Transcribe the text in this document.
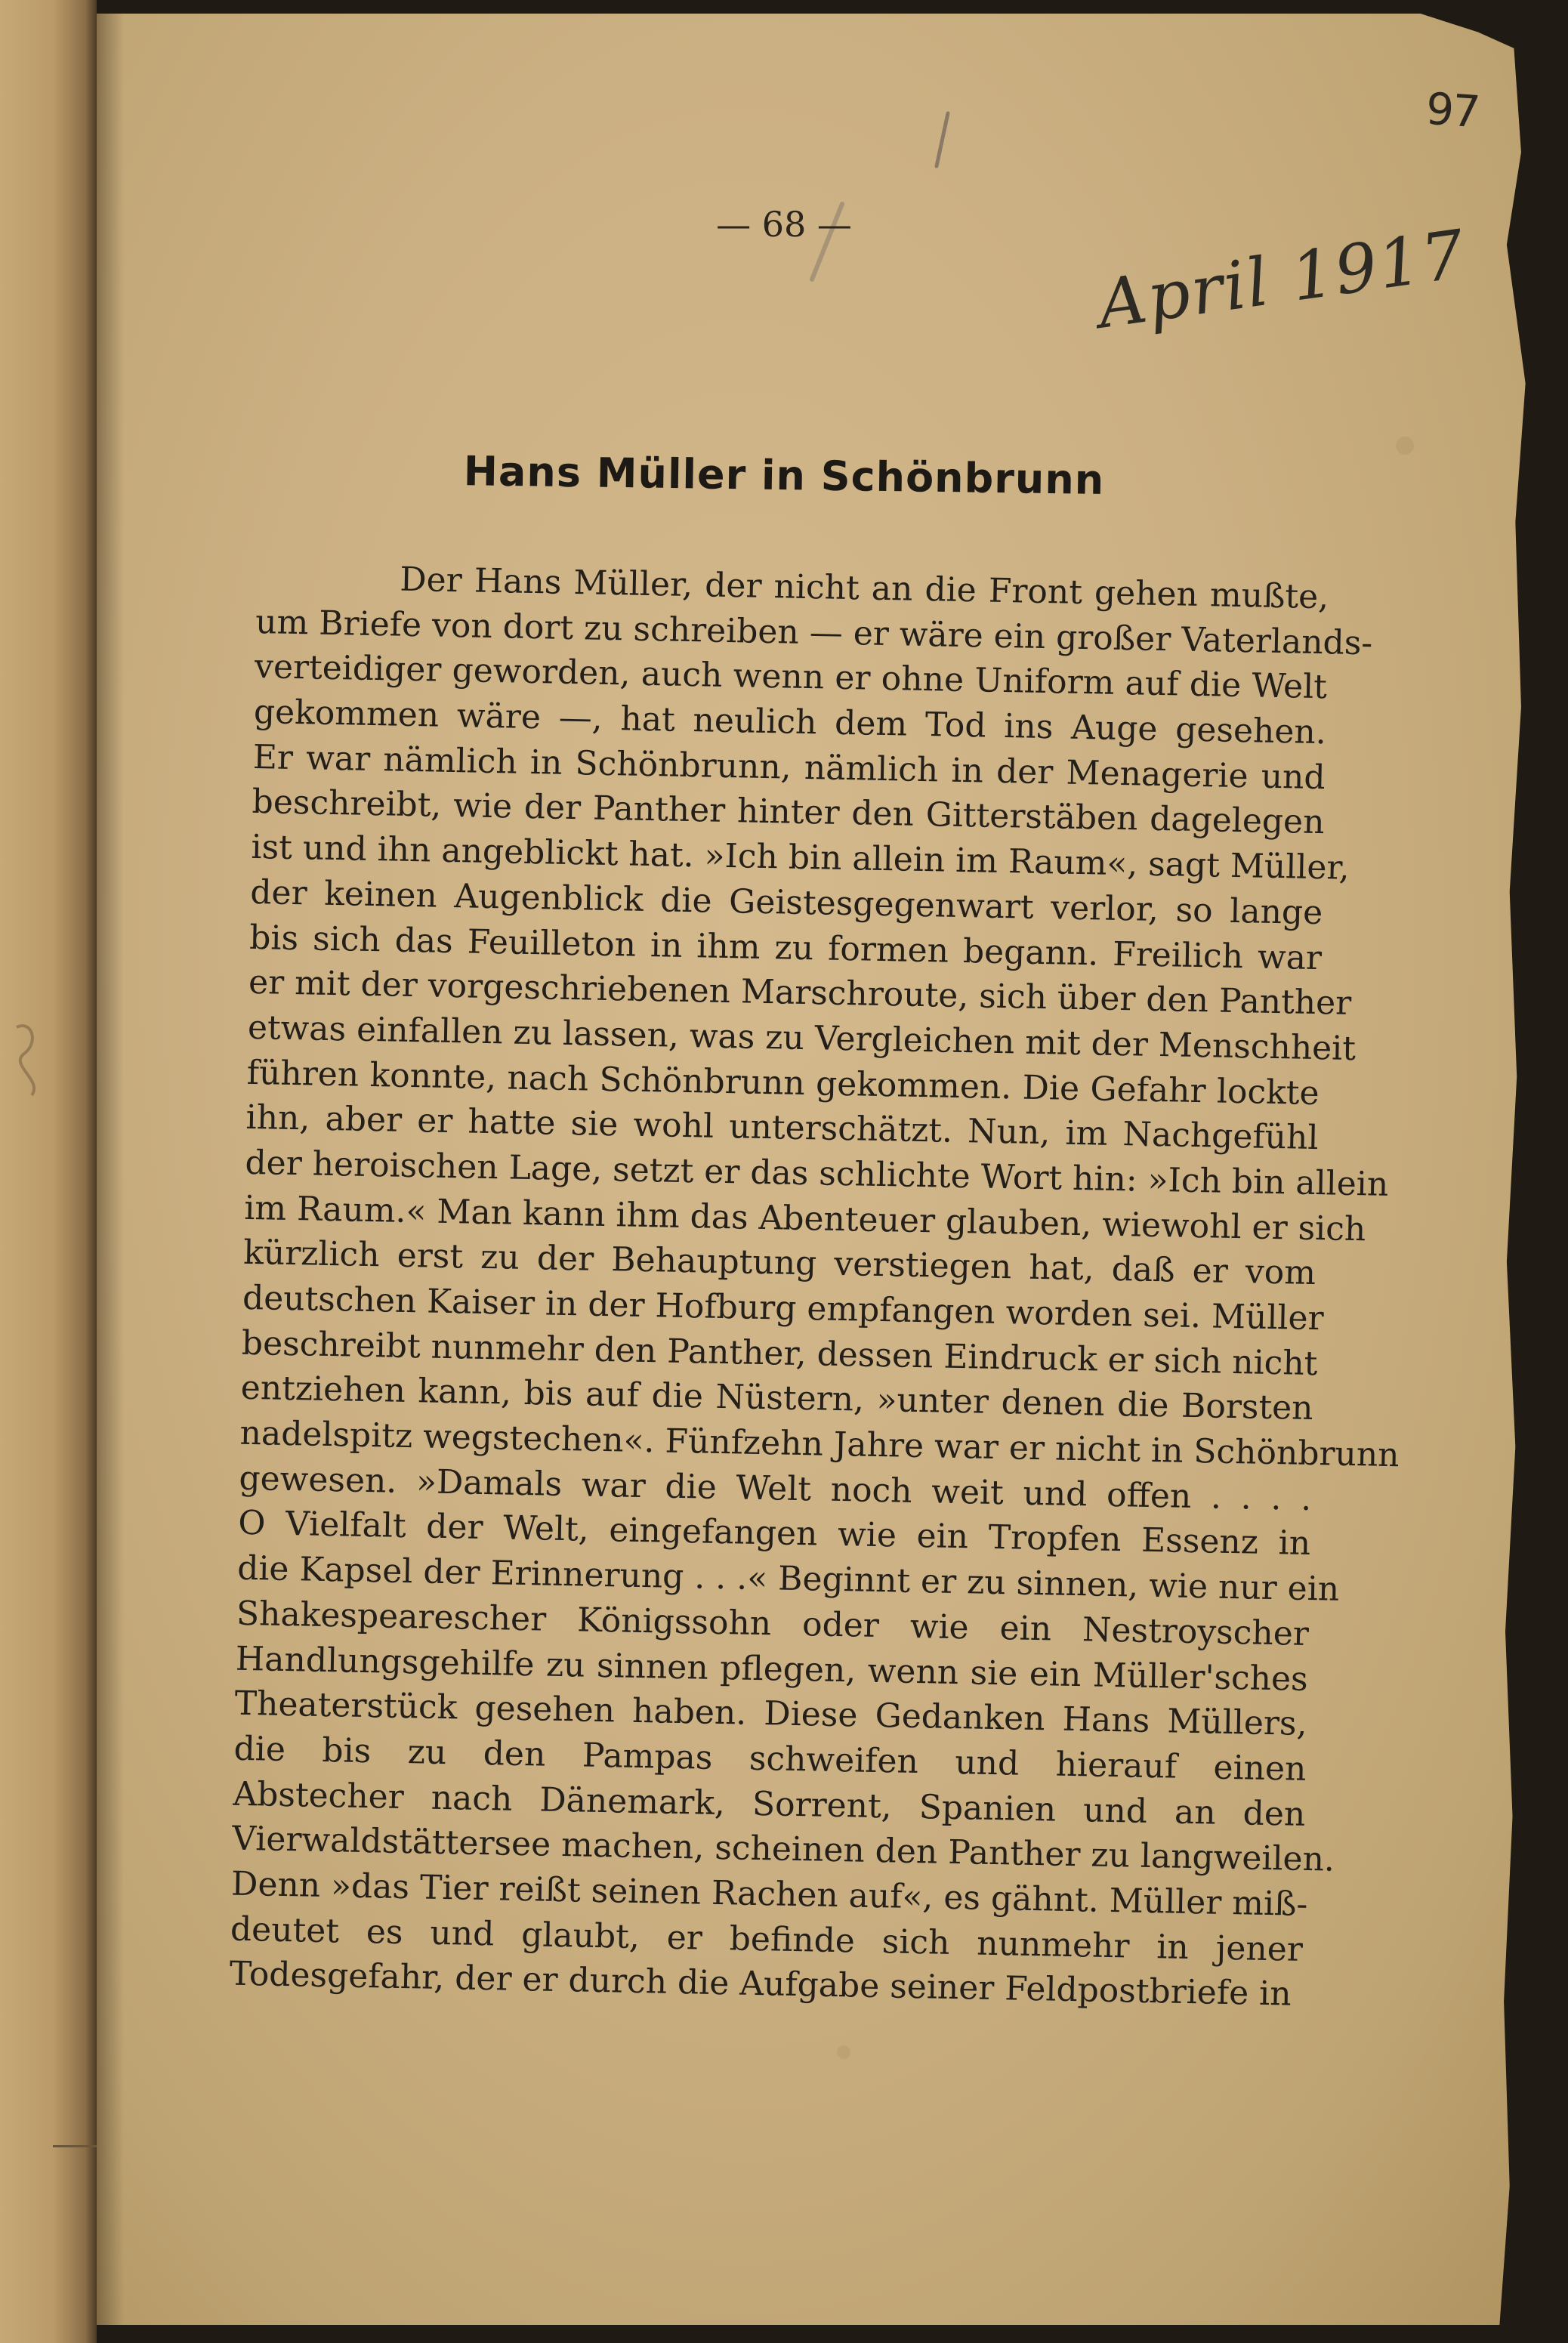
97
— 68 —	April 1917
Hans Müller in Schönbrunn
Der Hans Müller, der nicht an die Front gehen mußte,
um Briefe von dort zu schreiben — er wäre ein großer Vaterlands-
verteidiger geworden, auch wenn er ohne Uniform auf die Welt
gekommen wäre —, hat neulich dem Tod ins Auge gesehen.
Er war nämlich in Schönbrunn, nämlich in der Menagerie und
beschreibt, wie der Panther hinter den Gitterstäben dagelegen
ist und ihn angeblickt hat. »Ich bin allein im Raum«, sagt Müller,
der keinen Augenblick die Geistesgegenwart verlor, so lange
bis sich das Feuilleton in ihm zu formen begann. Freilich war
er mit der vorgeschriebenen Marschroute, sich über den Panther
etwas einfallen zu lassen, was zu Vergleichen mit der Menschheit
führen konnte, nach Schönbrunn gekommen. Die Gefahr lockte
ihn, aber er hatte sie wohl unterschätzt. Nun, im Nachgefühl
der heroischen Lage, setzt er das schlichte Wort hin: »Ich bin allein
im Raum.« Man kann ihm das Abenteuer glauben, wiewohl er sich
kürzlich erst zu der Behauptung verstiegen hat, daß er vom
deutschen Kaiser in der Hofburg empfangen worden sei. Müller
beschreibt nunmehr den Panther, dessen Eindruck er sich nicht
entziehen kann, bis auf die Nüstern, »unter denen die Borsten
nadelspitz wegstechen«. Fünfzehn Jahre war er nicht in Schönbrunn
gewesen. »Damals war die Welt noch weit und offen . . . .
O Vielfalt der Welt, eingefangen wie ein Tropfen Essenz in
die Kapsel der Erinnerung . . .« Beginnt er zu sinnen, wie nur ein
Shakespearescher Königssohn oder wie ein Nestroyscher
Handlungsgehilfe zu sinnen pflegen, wenn sie ein Müller'sches
Theaterstück gesehen haben. Diese Gedanken Hans Müllers,
die bis zu den Pampas schweifen und hierauf einen
Abstecher nach Dänemark, Sorrent, Spanien und an den
Vierwaldstättersee machen, scheinen den Panther zu langweilen.
Denn »das Tier reißt seinen Rachen auf«, es gähnt. Müller miß-
deutet es und glaubt, er befinde sich nunmehr in jener
Todesgefahr, der er durch die Aufgabe seiner Feldpostbriefe in
